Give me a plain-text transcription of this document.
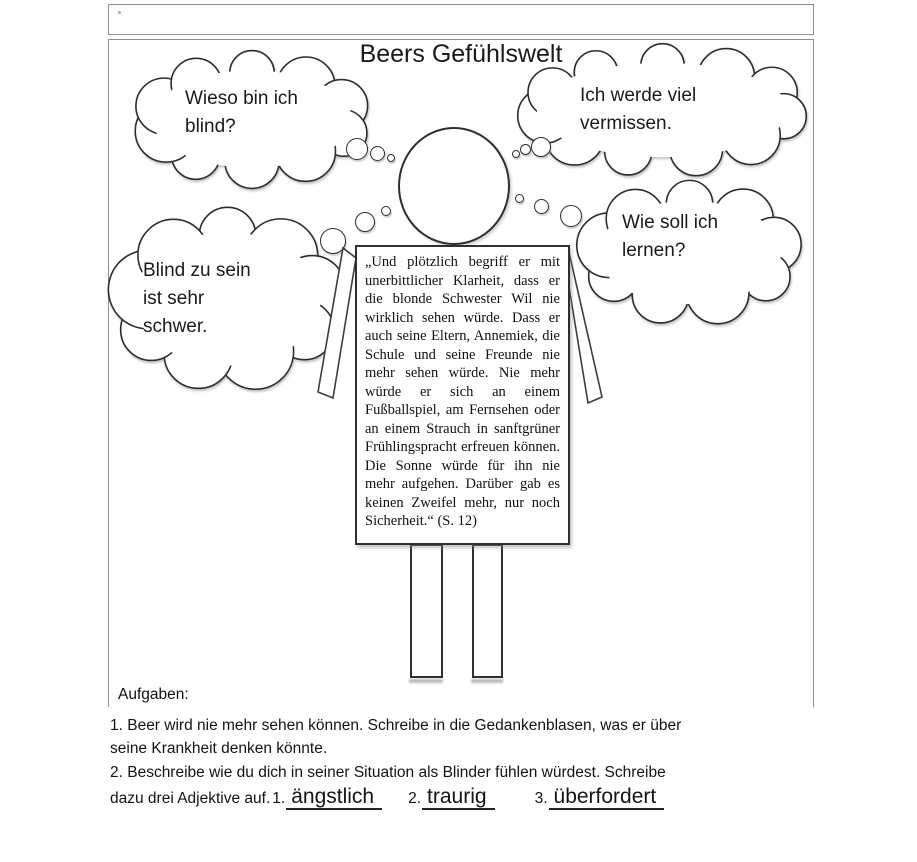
Beers Gefühlswelt
Wieso bin ich
blind?
Ich werde viel
vermissen.
Wie soll ich
lernen?
Blind zu sein
ist sehr
schwer.
„Und plötzlich begriff er mit unerbittlicher Klarheit, dass er die blonde Schwester Wil nie wirklich sehen würde. Dass er auch seine Eltern, Annemiek, die Schule und seine Freunde nie mehr sehen würde. Nie mehr würde er sich an einem Fußballspiel, am Fernsehen oder an einem Strauch in sanftgrüner Frühlingspracht erfreuen können. Die Sonne würde für ihn nie mehr aufgehen. Darüber gab es keinen Zweifel mehr, nur noch Sicherheit.“ (S. 12)
Aufgaben:
1. Beer wird nie mehr sehen können. Schreibe in die Gedankenblasen, was er über
seine Krankheit denken könnte.
2. Beschreibe wie du dich in seiner Situation als Blinder fühlen würdest. Schreibe
dazu drei Adjektive auf. 1. ängstlich 2. traurig	3. überfordert
